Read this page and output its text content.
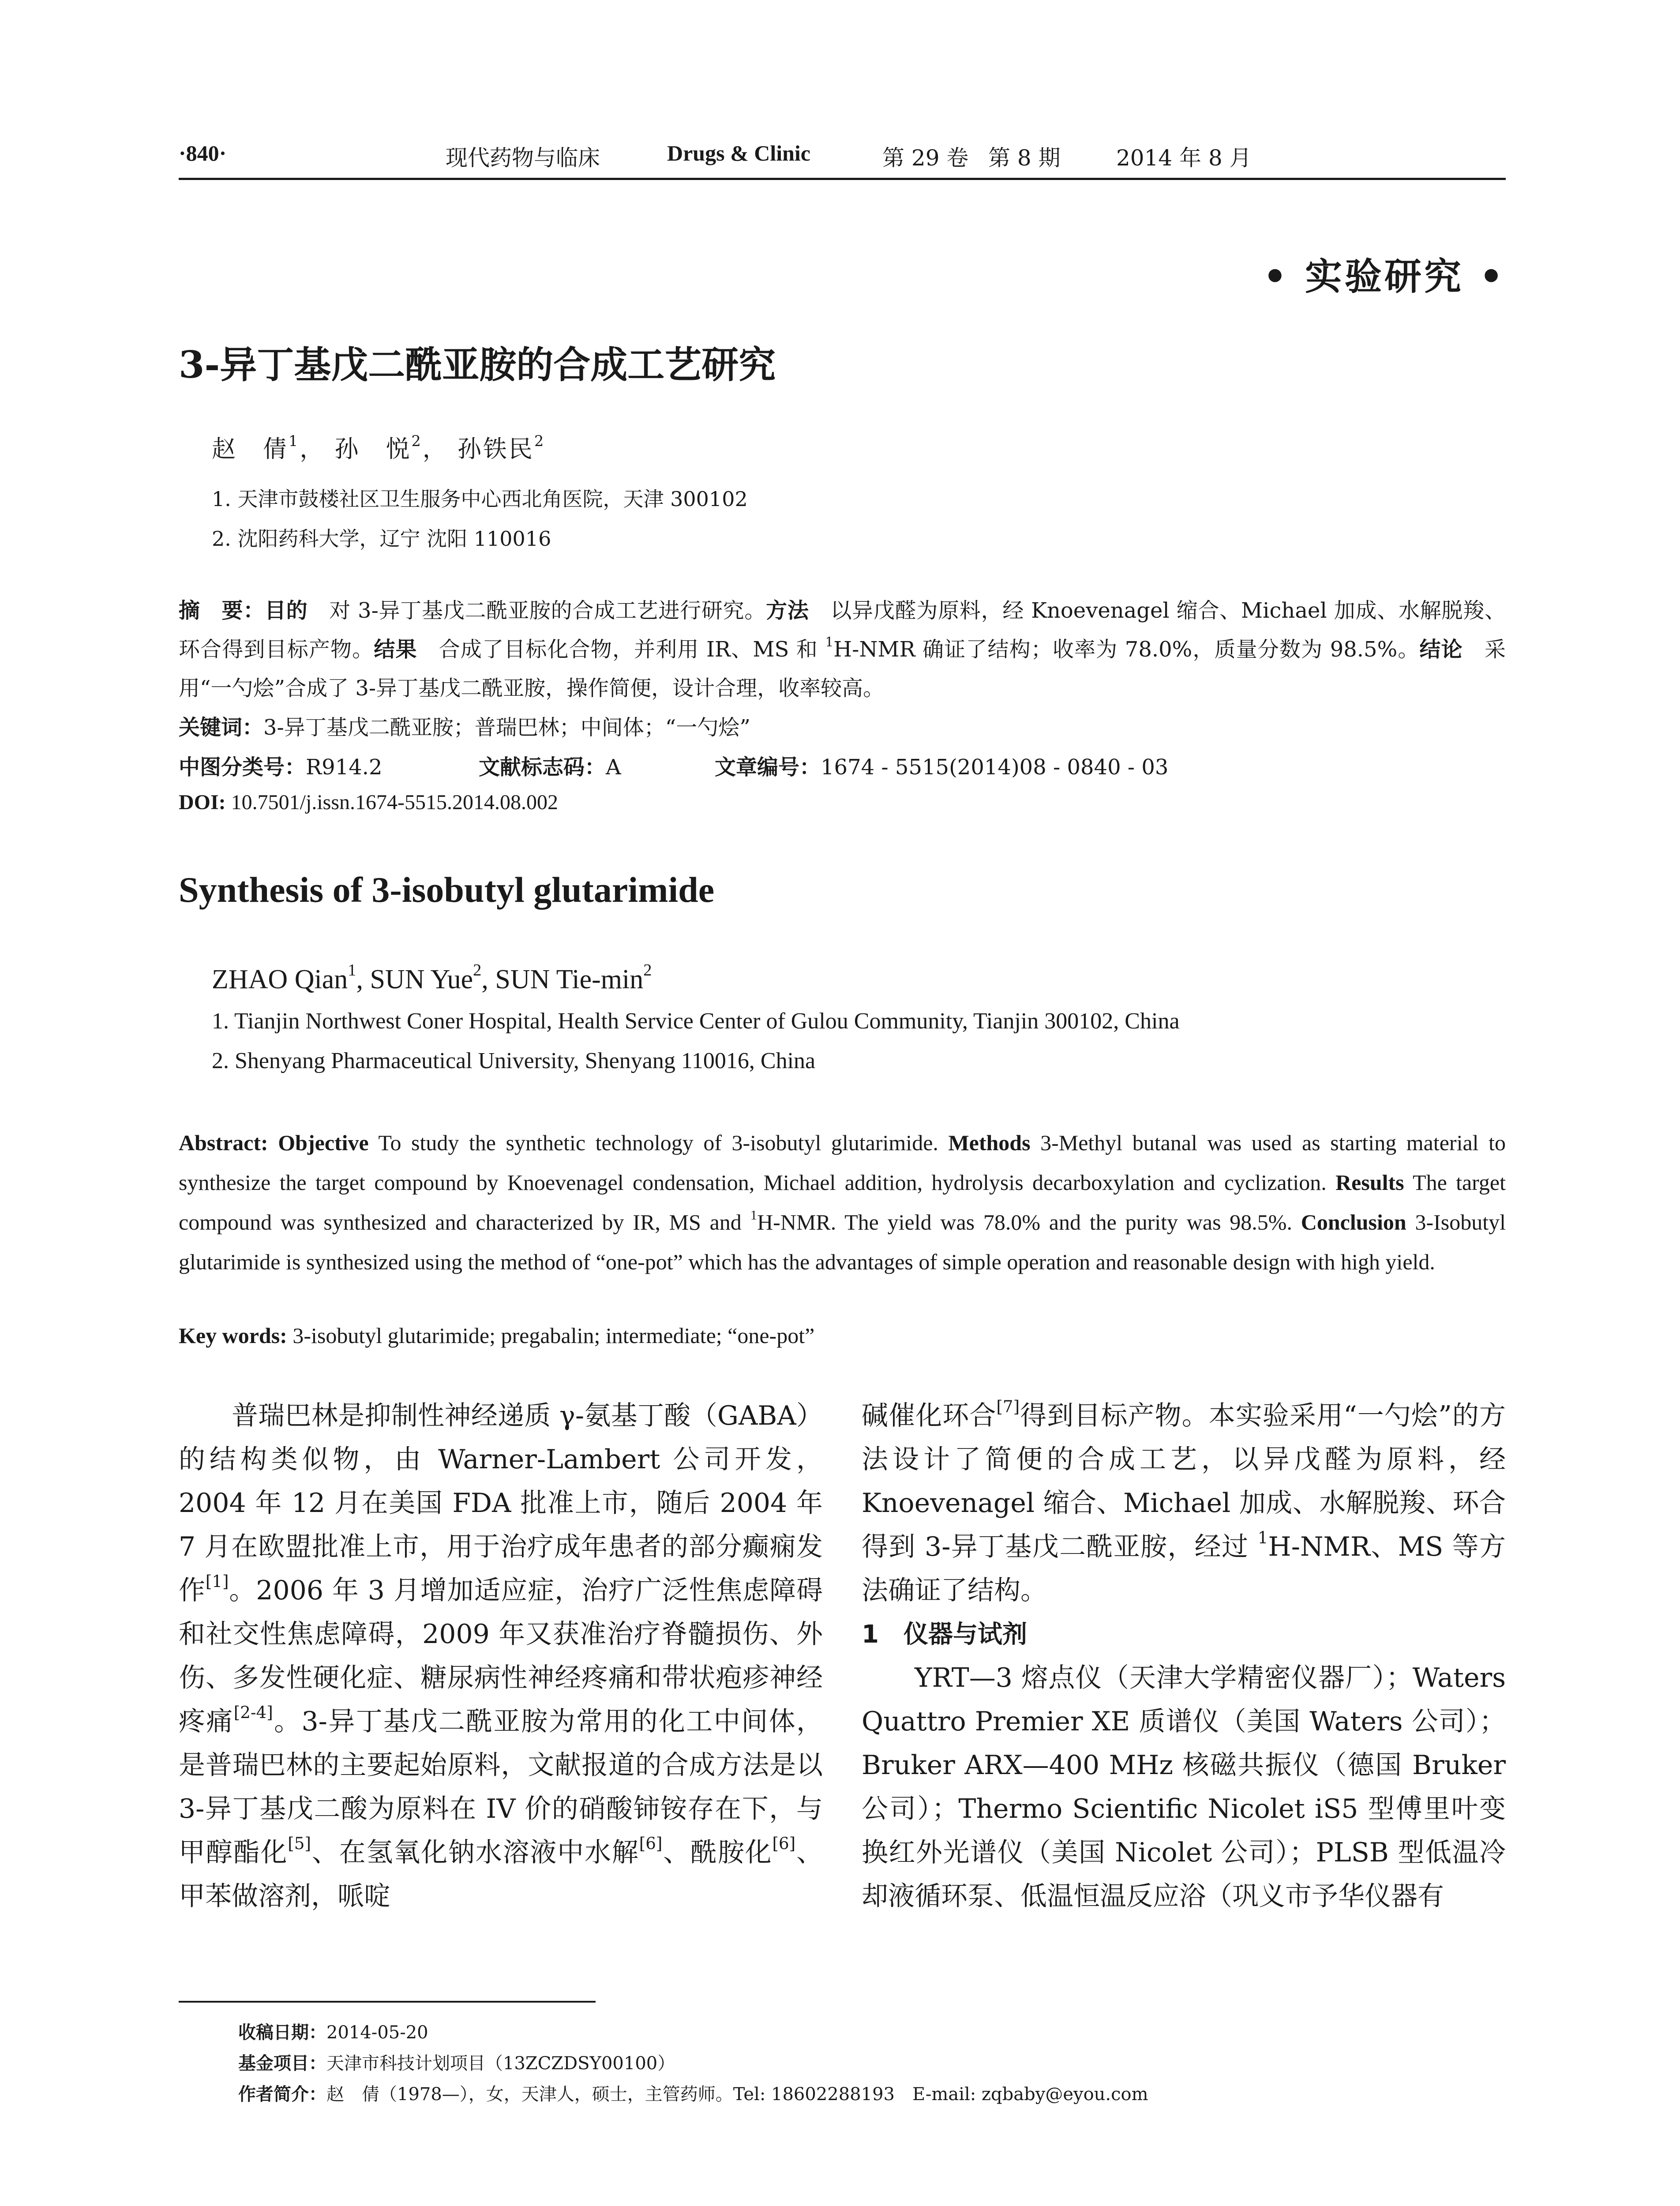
·840·	现代药物与临床	Drugs & Clinic	第 29 卷 第 8 期	2014 年 8 月
• 实验研究 •
3-异丁基戊二酰亚胺的合成工艺研究
赵　倩$^1$， 孙　悦$^2$， 孙铁民$^2$
1. 天津市鼓楼社区卫生服务中心西北角医院，天津 300102
2. 沈阳药科大学，辽宁 沈阳 110016
摘　要：目的　对 3-异丁基戊二酰亚胺的合成工艺进行研究。方法　以异戊醛为原料，经 Knoevenagel 缩合、Michael 加成、水解脱羧、环合得到目标产物。结果　合成了目标化合物，并利用 IR、MS 和 $^1$H-NMR 确证了结构；收率为 78.0%，质量分数为 98.5%。结论　采用“一勺烩”合成了 3-异丁基戊二酰亚胺，操作简便，设计合理，收率较高。
关键词：3-异丁基戊二酰亚胺；普瑞巴林；中间体；“一勺烩”
中图分类号：R914.2	文献标志码：A	文章编号：1674 - 5515(2014)08 - 0840 - 03
DOI: 10.7501/j.issn.1674-5515.2014.08.002
Synthesis of 3-isobutyl glutarimide
ZHAO Qian$^1$, SUN Yue$^2$, SUN Tie-$\min^2$
1. Tianjin Northwest Coner Hospital, Health Service Center of Gulou Community, Tianjin 300102, China
2. Shenyang Pharmaceutical University, Shenyang 110016, China
Abstract: Objective To study the synthetic technology of 3-isobutyl glutarimide. Methods 3-Methyl butanal was used as starting material to synthesize the target compound by Knoevenagel condensation, Michael addition, hydrolysis decarboxylation and cyclization. Results The target compound was synthesized and characterized by IR, MS and $^1$H-NMR. The yield was 78.0% and the purity was 98.5%. Conclusion 3-Isobutyl glutarimide is synthesized using the method of “one-pot” which has the advantages of simple operation and reasonable design with high yield.
Key words: 3-isobutyl glutarimide; pregabalin; intermediate; “one-pot”

普瑞巴林是抑制性神经递质 γ-氨基丁酸（GABA）的结构类似物，由 Warner-Lambert 公司开发，2004 年 12 月在美国 FDA 批准上市，随后 2004 年 7 月在欧盟批准上市，用于治疗成年患者的部分癫痫发作[1]。2006 年 3 月增加适应症，治疗广泛性焦虑障碍和社交性焦虑障碍，2009 年又获准治疗脊髓损伤、外伤、多发性硬化症、糖尿病性神经疼痛和带状疱疹神经疼痛[2-4]。3-异丁基戊二酰亚胺为常用的化工中间体，是普瑞巴林的主要起始原料，文献报道的合成方法是以 3-异丁基戊二酸为原料在 IV 价的硝酸铈铵存在下，与甲醇酯化[5]、在氢氧化钠水溶液中水解[6]、酰胺化[6]、甲苯做溶剂，哌啶

碱催化环合[7]得到目标产物。本实验采用“一勺烩”的方法设计了简便的合成工艺，以异戊醛为原料，经 Knoevenagel 缩合、Michael 加成、水解脱羧、环合得到 3-异丁基戊二酰亚胺，经过 $^1$H-NMR、MS 等方法确证了结构。

1　仪器与试剂

YRT—3 熔点仪（天津大学精密仪器厂）；Waters Quattro Premier XE 质谱仪（美国 Waters 公司）；Bruker ARX—400 MHz 核磁共振仪（德国 Bruker 公司）；Thermo Scientific Nicolet iS5 型傅里叶变换红外光谱仪（美国 Nicolet 公司）；PLSB 型低温冷却液循环泵、低温恒温反应浴（巩义市予华仪器有

收稿日期：2014-05-20
基金项目：天津市科技计划项目（13ZCZDSY00100）
作者简介：赵　倩（1978—），女，天津人，硕士，主管药师。Tel: 18602288193　E-mail: zqbaby@eyou.com
